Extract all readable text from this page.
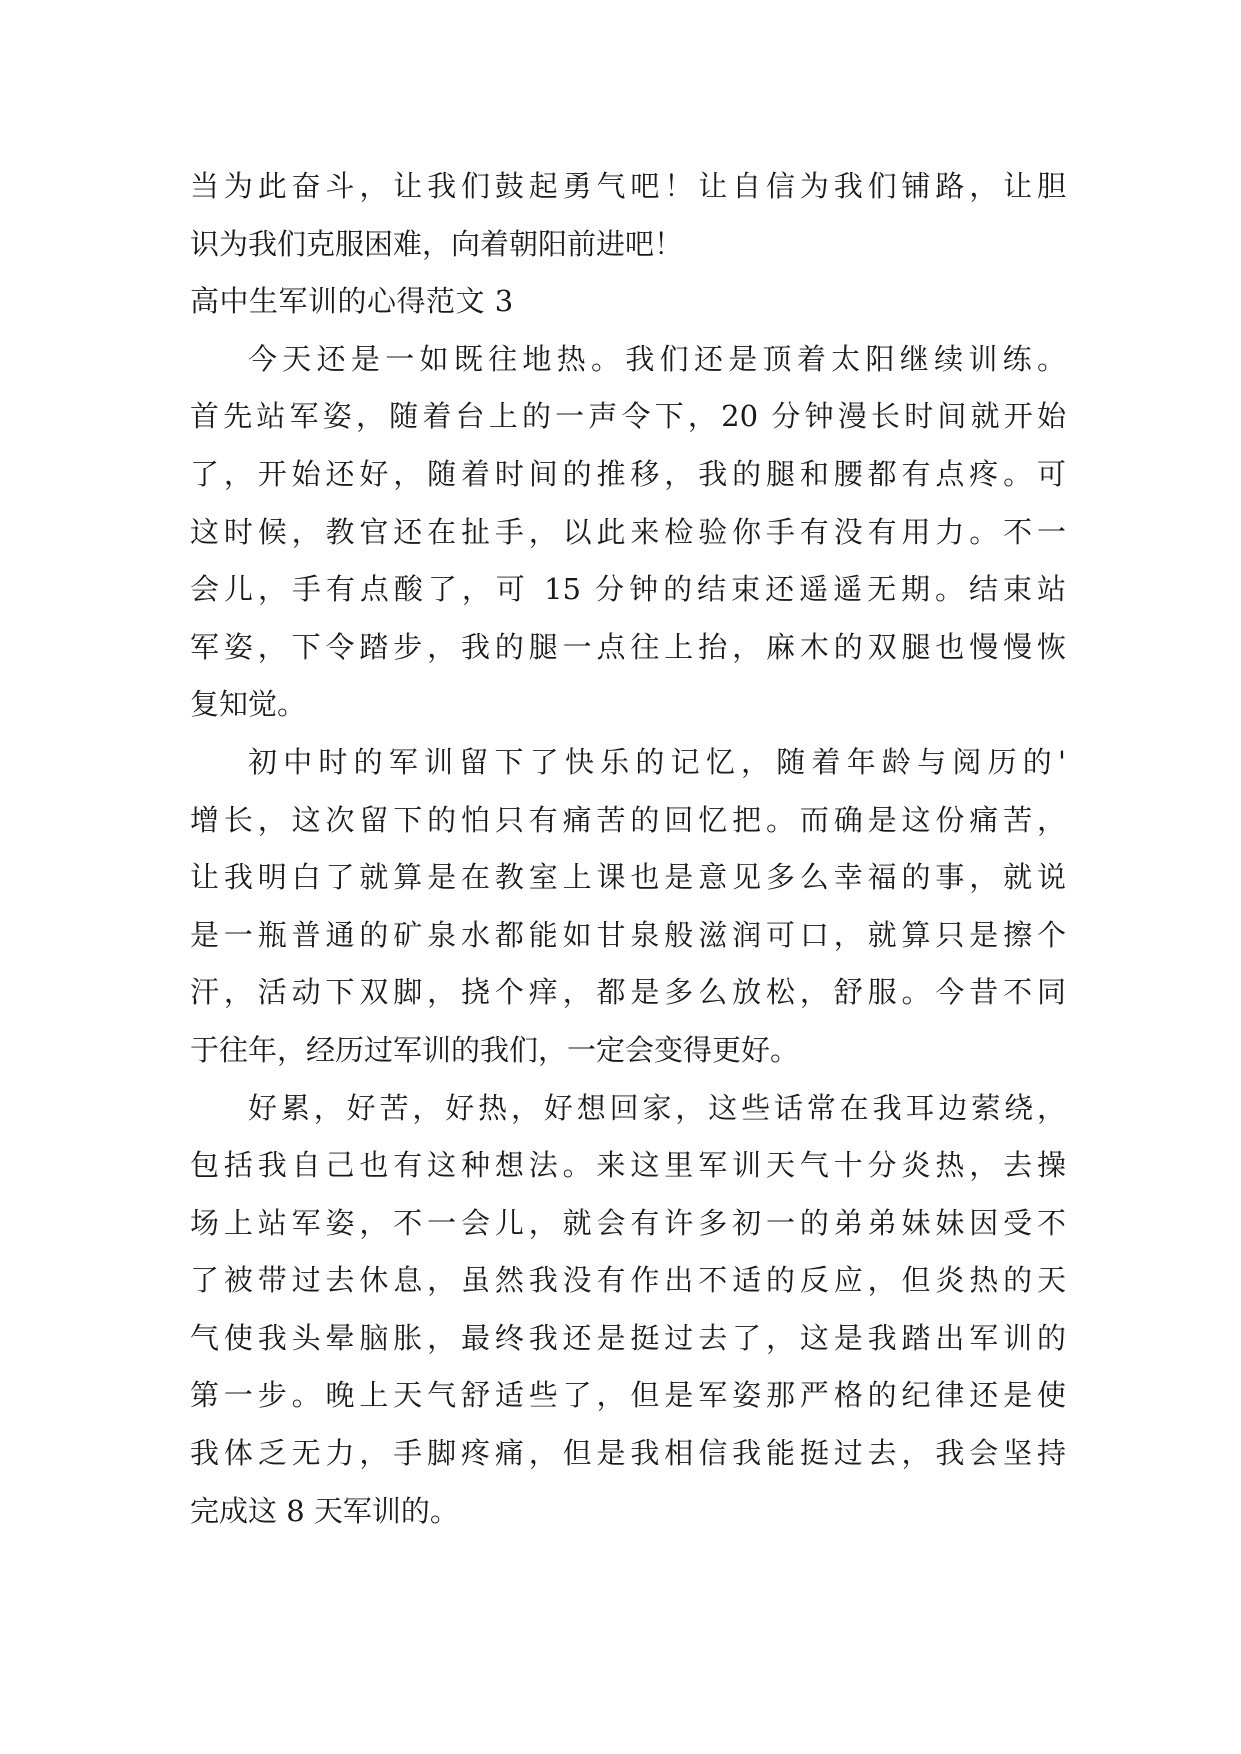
当为此奋斗，让我们鼓起勇气吧！让自信为我们铺路，让胆
识为我们克服困难，向着朝阳前进吧！
高中生军训的心得范文 3
今天还是一如既往地热。我们还是顶着太阳继续训练。
首先站军姿，随着台上的一声令下，20 分钟漫长时间就开始
了，开始还好，随着时间的推移，我的腿和腰都有点疼。可
这时候，教官还在扯手，以此来检验你手有没有用力。不一
会儿，手有点酸了，可 15 分钟的结束还遥遥无期。结束站
军姿，下令踏步，我的腿一点往上抬，麻木的双腿也慢慢恢
复知觉。
初中时的军训留下了快乐的记忆，随着年龄与阅历的'
增长，这次留下的怕只有痛苦的回忆把。而确是这份痛苦，
让我明白了就算是在教室上课也是意见多么幸福的事，就说
是一瓶普通的矿泉水都能如甘泉般滋润可口，就算只是擦个
汗，活动下双脚，挠个痒，都是多么放松，舒服。今昔不同
于往年，经历过军训的我们，一定会变得更好。
好累，好苦，好热，好想回家，这些话常在我耳边萦绕，
包括我自己也有这种想法。来这里军训天气十分炎热，去操
场上站军姿，不一会儿，就会有许多初一的弟弟妹妹因受不
了被带过去休息，虽然我没有作出不适的反应，但炎热的天
气使我头晕脑胀，最终我还是挺过去了，这是我踏出军训的
第一步。晚上天气舒适些了，但是军姿那严格的纪律还是使
我体乏无力，手脚疼痛，但是我相信我能挺过去，我会坚持
完成这 8 天军训的。
